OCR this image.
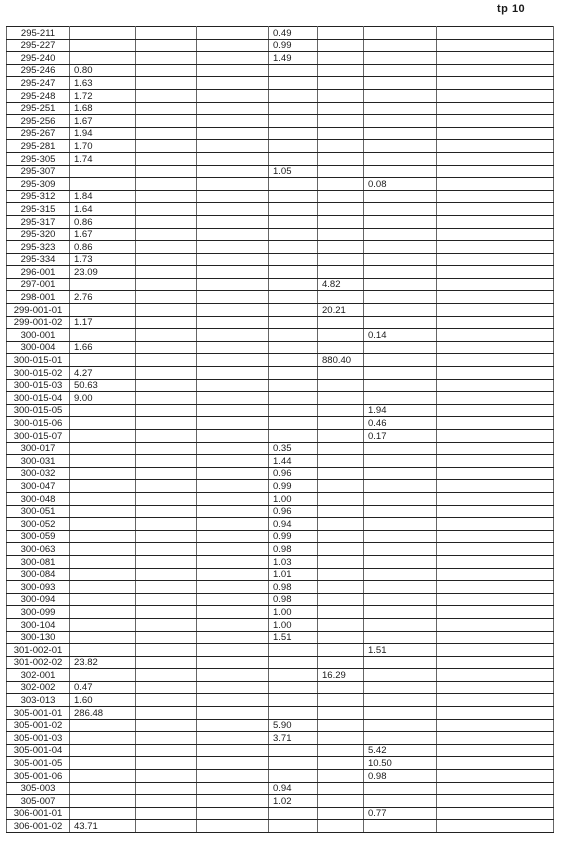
tp 10
295-211				0.49			
295-227				0.99			
295-240				1.49			
295-246	0.80						
295-247	1.63						
295-248	1.72						
295-251	1.68						
295-256	1.67						
295-267	1.94						
295-281	1.70						
295-305	1.74						
295-307				1.05			
295-309						0.08	
295-312	1.84						
295-315	1.64						
295-317	0.86						
295-320	1.67						
295-323	0.86						
295-334	1.73						
296-001	23.09						
297-001					4.82		
298-001	2.76						
299-001-01					20.21		
299-001-02	1.17						
300-001						0.14	
300-004	1.66						
300-015-01					880.40		
300-015-02	4.27						
300-015-03	50.63						
300-015-04	9.00						
300-015-05						1.94	
300-015-06						0.46	
300-015-07						0.17	
300-017				0.35			
300-031				1.44			
300-032				0.96			
300-047				0.99			
300-048				1.00			
300-051				0.96			
300-052				0.94			
300-059				0.99			
300-063				0.98			
300-081				1.03			
300-084				1.01			
300-093				0.98			
300-094				0.98			
300-099				1.00			
300-104				1.00			
300-130				1.51			
301-002-01						1.51	
301-002-02	23.82						
302-001					16.29		
302-002	0.47						
303-013	1.60						
305-001-01	286.48						
305-001-02				5.90			
305-001-03				3.71			
305-001-04						5.42	
305-001-05						10.50	
305-001-06						0.98	
305-003				0.94			
305-007				1.02			
306-001-01						0.77	
306-001-02	43.71						
